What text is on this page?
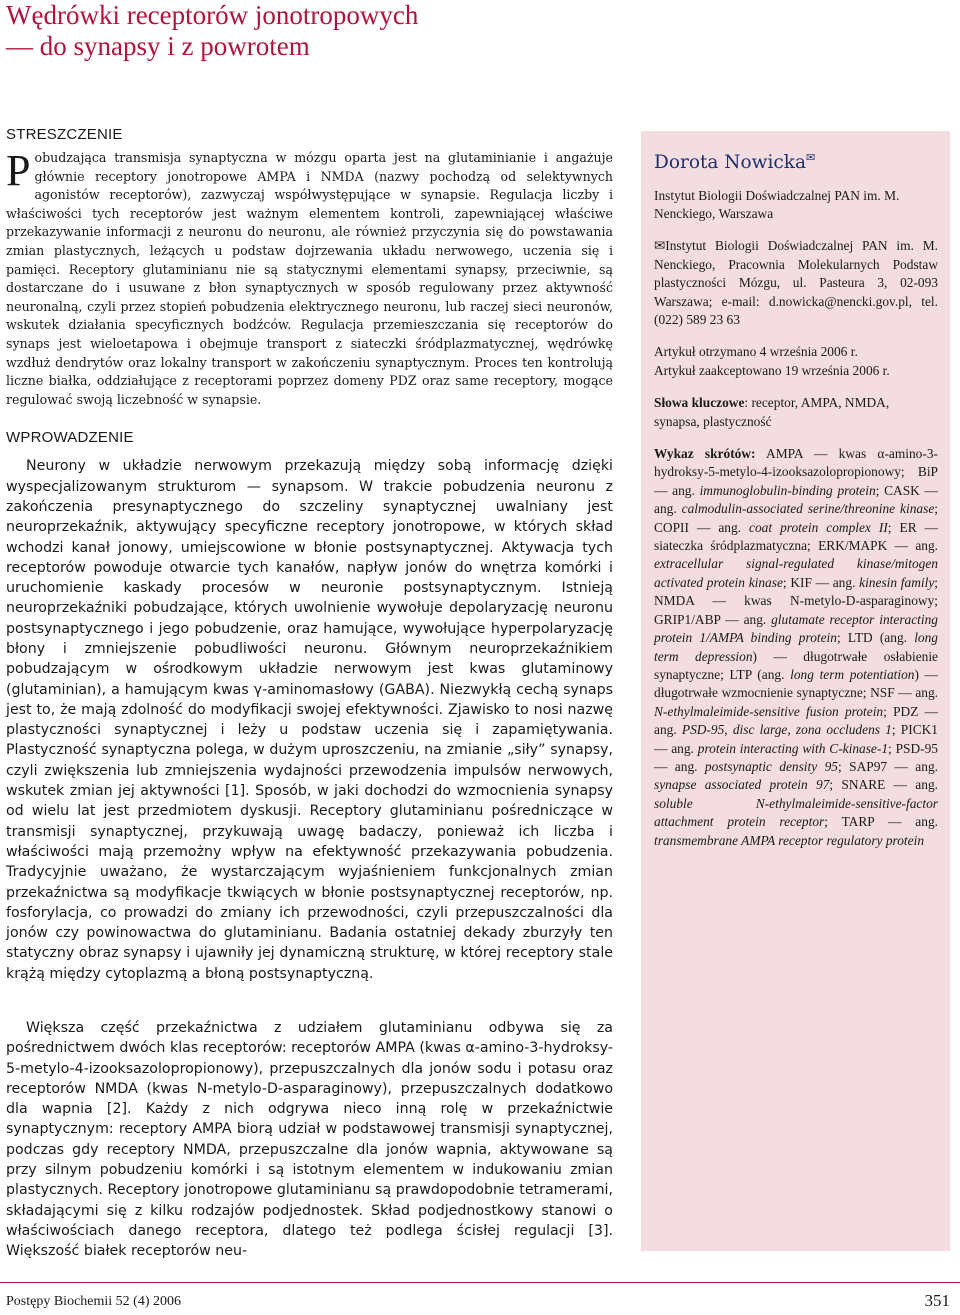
Wędrówki receptorów jonotropowych
— do synapsy i z powrotem
STRESZCZENIE
Pobudzająca transmisja synaptyczna w mózgu oparta jest na glutaminianie i angażuje głównie receptory jonotropowe AMPA i NMDA (nazwy pochodzą od selektywnych agonistów receptorów), zazwyczaj współwystępujące w synapsie. Regulacja liczby i właściwości tych receptorów jest ważnym elementem kontroli, zapewniającej właściwe przekazywanie informacji z neuronu do neuronu, ale również przyczynia się do powstawania zmian plastycznych, leżących u podstaw dojrzewania układu nerwowego, uczenia się i pamięci. Receptory glutaminianu nie są statycznymi elementami synapsy, przeciwnie, są dostarczane do i usuwane z błon synaptycznych w sposób regulowany przez aktywność neuronalną, czyli przez stopień pobudzenia elektrycznego neuronu, lub raczej sieci neuronów, wskutek działania specyficznych bodźców. Regulacja przemieszczania się receptorów do synaps jest wieloetapowa i obejmuje transport z siateczki śródplazmatycznej, wędrówkę wzdłuż dendrytów oraz lokalny transport w zakończeniu synaptycznym. Proces ten kontrolują liczne białka, oddziałujące z receptorami poprzez domeny PDZ oraz same receptory, mogące regulować swoją liczebność w synapsie.
WPROWADZENIE

Neurony w układzie nerwowym przekazują między sobą informację dzięki wyspecjalizowanym strukturom — synapsom. W trakcie pobudzenia neuronu z zakończenia presynaptycznego do szczeliny synaptycznej uwalniany jest neuroprzekaźnik, aktywujący specyficzne receptory jonotropowe, w których skład wchodzi kanał jonowy, umiejscowione w błonie postsynaptycznej. Aktywacja tych receptorów powoduje otwarcie tych kanałów, napływ jonów do wnętrza komórki i uruchomienie kaskady procesów w neuronie postsynaptycznym. Istnieją neuroprzekaźniki pobudzające, których uwolnienie wywołuje depolaryzację neuronu postsynaptycznego i jego pobudzenie, oraz hamujące, wywołujące hyperpolaryzację błony i zmniejszenie pobudliwości neuronu. Głównym neuroprzekaźnikiem pobudzającym w ośrodkowym układzie nerwowym jest kwas glutaminowy (glutaminian), a hamującym kwas γ-aminomasłowy (GABA). Niezwykłą cechą synaps jest to, że mają zdolność do modyfikacji swojej efektywności. Zjawisko to nosi nazwę plastyczności synaptycznej i leży u podstaw uczenia się i zapamiętywania. Plastyczność synaptyczna polega, w dużym uproszczeniu, na zmianie „siły” synapsy, czyli zwiększenia lub zmniejszenia wydajności przewodzenia impulsów nerwowych, wskutek zmian jej aktywności [1]. Sposób, w jaki dochodzi do wzmocnienia synapsy od wielu lat jest przedmiotem dyskusji. Receptory glutaminianu pośredniczące w transmisji synaptycznej, przykuwają uwagę badaczy, ponieważ ich liczba i właściwości mają przemożny wpływ na efektywność przekazywania pobudzenia. Tradycyjnie uważano, że wystarczającym wyjaśnieniem funkcjonalnych zmian przekaźnictwa są modyfikacje tkwiących w błonie postsynaptycznej receptorów, np. fosforylacja, co prowadzi do zmiany ich przewodności, czyli przepuszczalności dla jonów czy powinowactwa do glutaminianu. Badania ostatniej dekady zburzyły ten statyczny obraz synapsy i ujawniły jej dynamiczną strukturę, w której receptory stale krążą między cytoplazmą a błoną postsynaptyczną.

Większa część przekaźnictwa z udziałem glutaminianu odbywa się za pośrednictwem dwóch klas receptorów: receptorów AMPA (kwas α-amino-3-hydroksy-5-metylo-4-izooksazolopropionowy), przepuszczalnych dla jonów sodu i potasu oraz receptorów NMDA (kwas N-metylo-D-asparaginowy), przepuszczalnych dodatkowo dla wapnia [2]. Każdy z nich odgrywa nieco inną rolę w przekaźnictwie synaptycznym: receptory AMPA biorą udział w podstawowej transmisji synaptycznej, podczas gdy receptory NMDA, przepuszczalne dla jonów wapnia, aktywowane są przy silnym pobudzeniu komórki i są istotnym elementem w indukowaniu zmian plastycznych. Receptory jonotropowe glutaminianu są prawdopodobnie tetramerami, składającymi się z kilku rodzajów podjednostek. Skład podjednostkowy stanowi o właściwościach danego receptora, dlatego też podlega ścisłej regulacji [3]. Większość białek receptorów neu-

Dorota Nowicka✉

Instytut Biologii Doświadczalnej PAN im. M. Nenckiego, Warszawa

✉Instytut Biologii Doświadczalnej PAN im. M. Nenckiego, Pracownia Molekularnych Podstaw plastyczności Mózgu, ul. Pasteura 3, 02-093 Warszawa; e-mail: d.nowicka@nencki.gov.pl, tel. (022) 589 23 63

Artykuł otrzymano 4 września 2006 r.
Artykuł zaakceptowano 19 września 2006 r.

Słowa kluczowe: receptor, AMPA, NMDA, synapsa, plastyczność

Wykaz skrótów: AMPA — kwas α-amino-3-hydroksy-5-metylo-4-izooksazolopropionowy; BiP — ang. immunoglobulin-binding protein; CASK — ang. calmodulin-associated serine/threonine kinase; COPII — ang. coat protein complex II; ER — siateczka śródplazmatyczna; ERK/MAPK — ang. extracellular signal-regulated kinase/mitogen activated protein kinase; KIF — ang. kinesin family; NMDA — kwas N-metylo-D-asparaginowy; GRIP1/ABP — ang. glutamate receptor interacting protein 1/AMPA binding protein; LTD (ang. long term depression) — długotrwałe osłabienie synaptyczne; LTP (ang. long term potentiation) — długotrwałe wzmocnienie synaptyczne; NSF — ang. N-ethylmaleimide-sensitive fusion protein; PDZ — ang. PSD-95, disc large, zona occludens 1; PICK1 — ang. protein interacting with C-kinase-1; PSD-95 — ang. postsynaptic density 95; SAP97 — ang. synapse associated protein 97; SNARE — ang. soluble N-ethylmaleimide-sensitive-factor attachment protein receptor; TARP — ang. transmembrane AMPA receptor regulatory protein

Postępy Biochemii 52 (4) 2006	351
